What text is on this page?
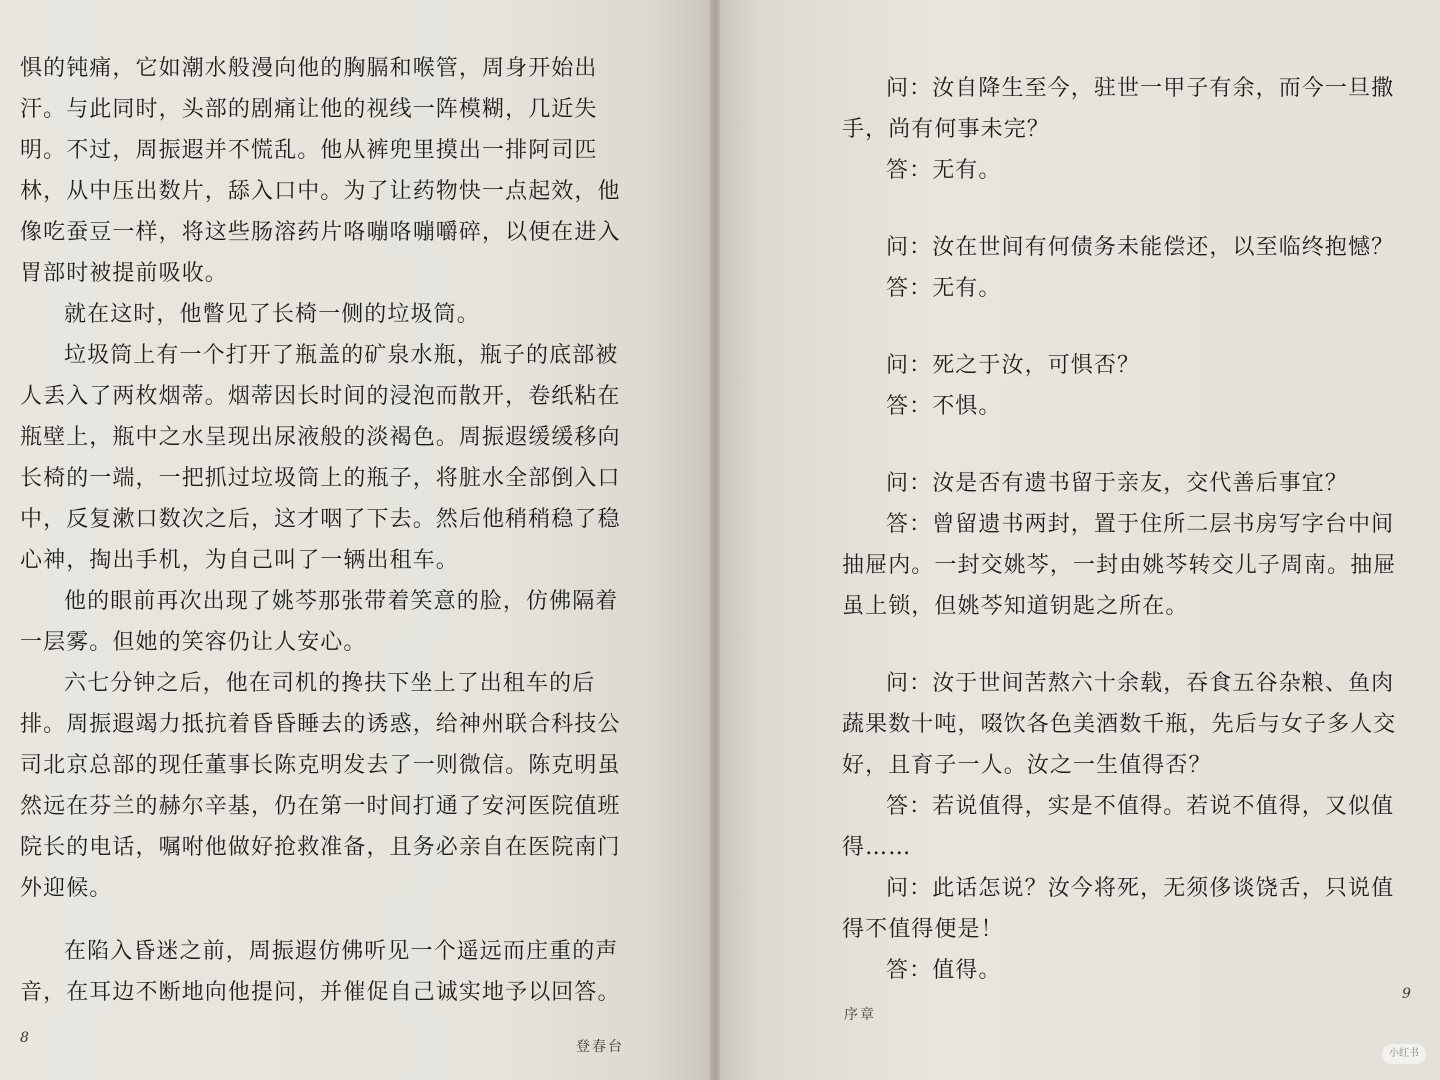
惧的钝痛，它如潮水般漫向他的胸膈和喉管，周身开始出汗。与此同时，头部的剧痛让他的视线一阵模糊，几近失明。不过，周振遐并不慌乱。他从裤兜里摸出一排阿司匹林，从中压出数片，舔入口中。为了让药物快一点起效，他像吃蚕豆一样，将这些肠溶药片咯嘣咯嘣嚼碎，以便在进入胃部时被提前吸收。

就在这时，他瞥见了长椅一侧的垃圾筒。

垃圾筒上有一个打开了瓶盖的矿泉水瓶，瓶子的底部被人丢入了两枚烟蒂。烟蒂因长时间的浸泡而散开，卷纸粘在瓶壁上，瓶中之水呈现出尿液般的淡褐色。周振遐缓缓移向长椅的一端，一把抓过垃圾筒上的瓶子，将脏水全部倒入口中，反复漱口数次之后，这才咽了下去。然后他稍稍稳了稳心神，掏出手机，为自己叫了一辆出租车。

他的眼前再次出现了姚芩那张带着笑意的脸，仿佛隔着一层雾。但她的笑容仍让人安心。

六七分钟之后，他在司机的搀扶下坐上了出租车的后排。周振遐竭力抵抗着昏昏睡去的诱惑，给神州联合科技公司北京总部的现任董事长陈克明发去了一则微信。陈克明虽然远在芬兰的赫尔辛基，仍在第一时间打通了安河医院值班院长的电话，嘱咐他做好抢救准备，且务必亲自在医院南门外迎候。

在陷入昏迷之前，周振遐仿佛听见一个遥远而庄重的声音，在耳边不断地向他提问，并催促自己诚实地予以回答。

8
登春台

问：汝自降生至今，驻世一甲子有余，而今一旦撒手，尚有何事未完？

答：无有。

问：汝在世间有何债务未能偿还，以至临终抱憾？

答：无有。

问：死之于汝，可惧否？

答：不惧。

问：汝是否有遗书留于亲友，交代善后事宜？

答：曾留遗书两封，置于住所二层书房写字台中间抽屉内。一封交姚芩，一封由姚芩转交儿子周南。抽屉虽上锁，但姚芩知道钥匙之所在。

问：汝于世间苦熬六十余载，吞食五谷杂粮、鱼肉蔬果数十吨，啜饮各色美酒数千瓶，先后与女子多人交好，且育子一人。汝之一生值得否？

答：若说值得，实是不值得。若说不值得，又似值得……

问：此话怎说？汝今将死，无须侈谈饶舌，只说值得不值得便是！

答：值得。

序章
9
小红书
